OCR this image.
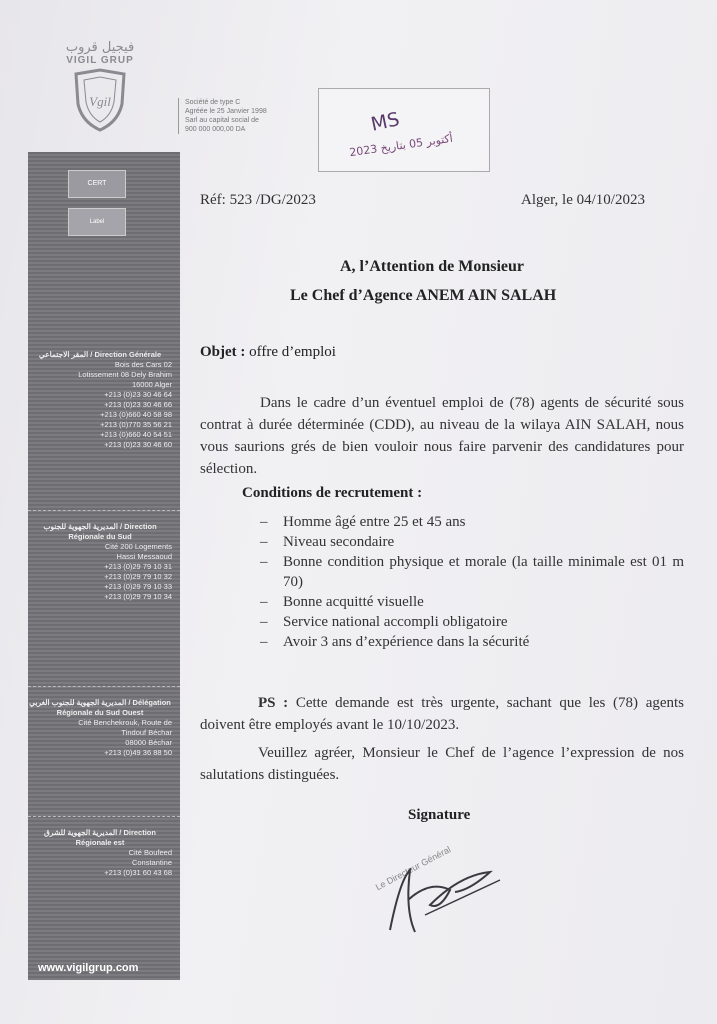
فيجيل قروب
VIGIL GRUP
Vgil	Société de type C
Agréée le 25 Janvier 1998
Sarl au capital social de
900 000 000,00 DA	MS
2023 أكتوبر 05 بتاريخ
CERT
Label
المقر الاجتماعي / Direction Générale
Bois des Cars 02
Lotissement 08 Dely Brahim
16000 Alger
+213 (0)23 30 46 64
+213 (0)23 30 46 66
+213 (0)660 40 58 98
+213 (0)770 35 56 21
+213 (0)660 40 54 51
+213 (0)23 30 46 60
المديرية الجهوية للجنوب / Direction Régionale du Sud
Cité 200 Logements
Hassi Messaoud
+213 (0)29 79 10 31
+213 (0)29 79 10 32
+213 (0)29 79 10 33
+213 (0)29 79 10 34
المديرية الجهوية للجنوب الغربي / Délégation Régionale du Sud Ouest
Cité Benchekrouk, Route de
Tindouf Béchar
08000 Béchar
+213 (0)49 36 88 50
المديرية الجهوية للشرق / Direction Régionale est
Cité Boufeed
Constantine
+213 (0)31 60 43 68
www.vigilgrup.com
Réf: 523 /DG/2023	Alger, le 04/10/2023
A, l’Attention de Monsieur
Le Chef d’Agence ANEM AIN SALAH
Objet : offre d’emploi
Dans le cadre d’un éventuel emploi de (78) agents de sécurité sous contrat à durée déterminée (CDD), au niveau de la wilaya AIN SALAH, nous vous saurions grés de bien vouloir nous faire parvenir des candidatures pour sélection.
Conditions de recrutement :
– Homme âgé entre 25 et 45 ans
– Niveau secondaire
– Bonne condition physique et morale (la taille minimale est 01 m 70)
– Bonne acquitté visuelle
– Service national accompli obligatoire
– Avoir 3 ans d’expérience dans la sécurité
PS : Cette demande est très urgente, sachant que les (78) agents doivent être employés avant le 10/10/2023.
Veuillez agréer, Monsieur le Chef de l’agence l’expression de nos salutations distinguées.
Signature
Le Directeur Général
